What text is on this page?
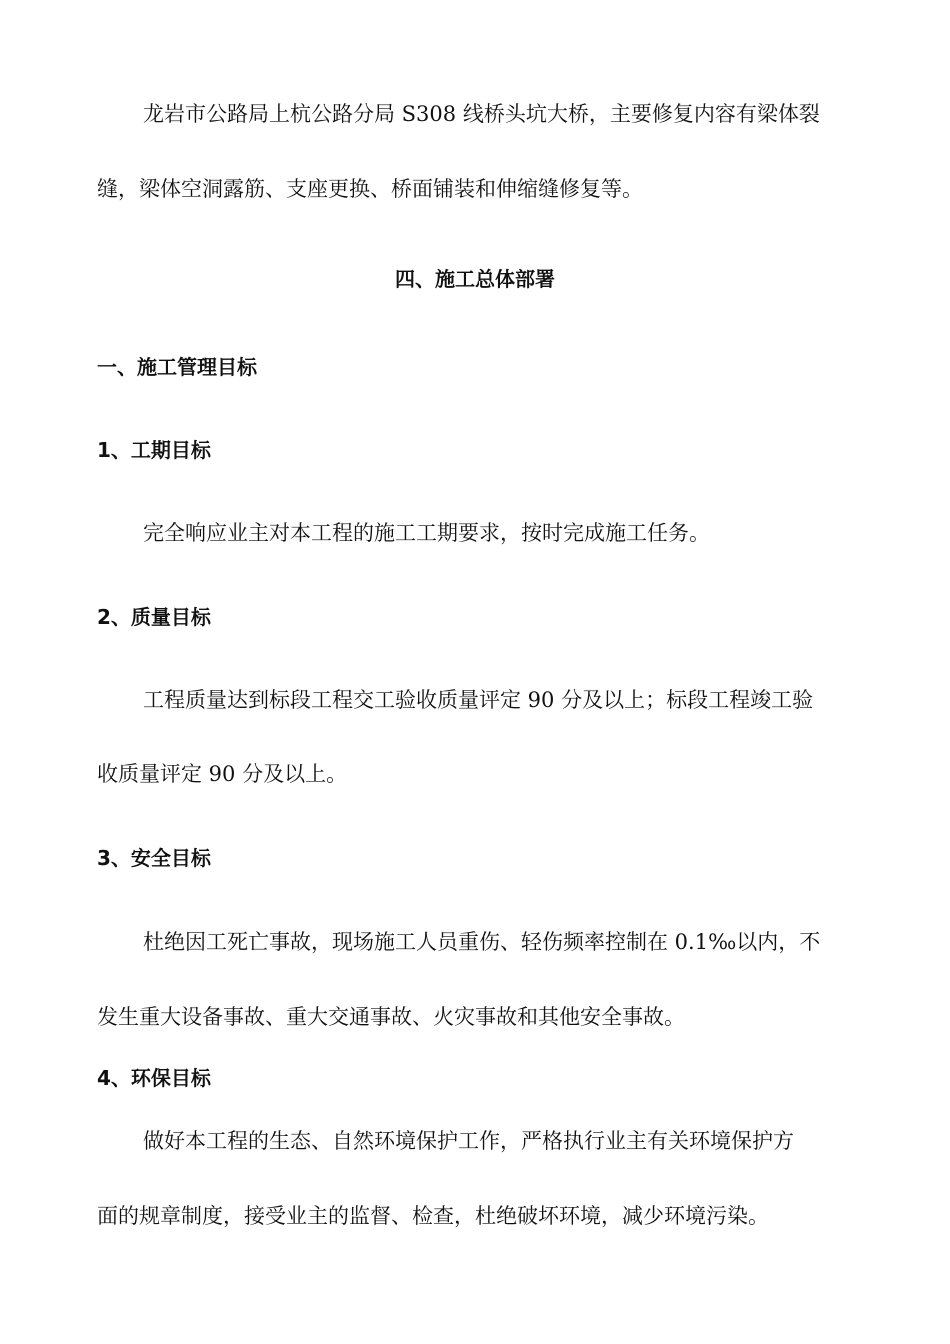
龙岩市公路局上杭公路分局 S308 线桥头坑大桥，主要修复内容有梁体裂
缝，梁体空洞露筋、支座更换、桥面铺装和伸缩缝修复等。
四、施工总体部署
一、施工管理目标
1、工期目标
完全响应业主对本工程的施工工期要求，按时完成施工任务。
2、质量目标
工程质量达到标段工程交工验收质量评定 90 分及以上；标段工程竣工验
收质量评定 90 分及以上。
3、安全目标
杜绝因工死亡事故，现场施工人员重伤、轻伤频率控制在 0.1‰以内，不
发生重大设备事故、重大交通事故、火灾事故和其他安全事故。
4、环保目标
做好本工程的生态、自然环境保护工作，严格执行业主有关环境保护方
面的规章制度，接受业主的监督、检查，杜绝破坏环境，减少环境污染。
